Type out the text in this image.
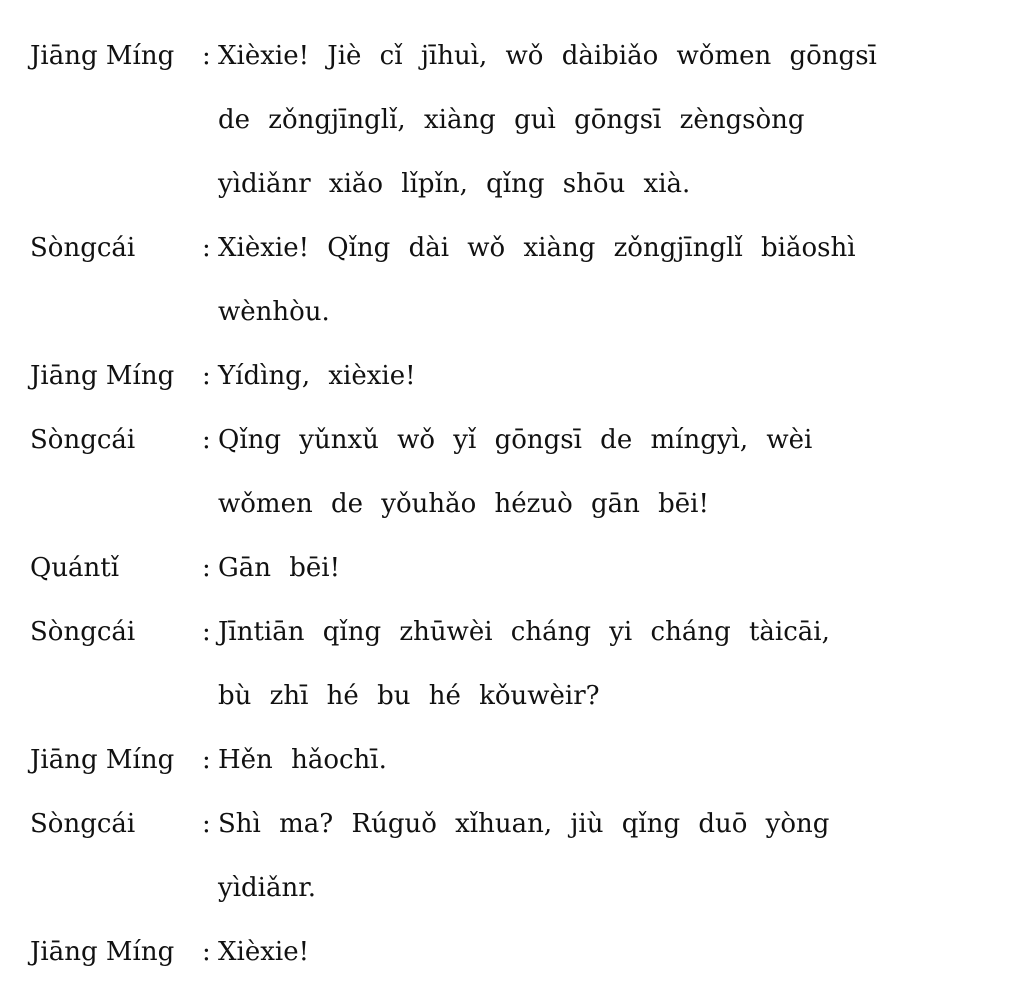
Jiāng Míng	: Xièxie! Jiè cǐ jīhuì, wǒ dàibiǎo wǒmen gōngsī
de zǒngjīnglǐ, xiàng guì gōngsī zèngsòng
yìdiǎnr xiǎo lǐpǐn, qǐng shōu xià.
Sòngcái	: Xièxie! Qǐng dài wǒ xiàng zǒngjīnglǐ biǎoshì
wènhòu.
Jiāng Míng	: Yídìng, xièxie!
Sòngcái	: Qǐng yǔnxǔ wǒ yǐ gōngsī de míngyì, wèi
wǒmen de yǒuhǎo hézuò gān bēi!
Quántǐ	: Gān bēi!
Sòngcái	: Jīntiān qǐng zhūwèi cháng yi cháng tàicāi,
bù zhī hé bu hé kǒuwèir?
Jiāng Míng	: Hěn hǎochī.
Sòngcái	: Shì ma? Rúguǒ xǐhuan, jiù qǐng duō yòng
yìdiǎnr.
Jiāng Míng	: Xièxie!
